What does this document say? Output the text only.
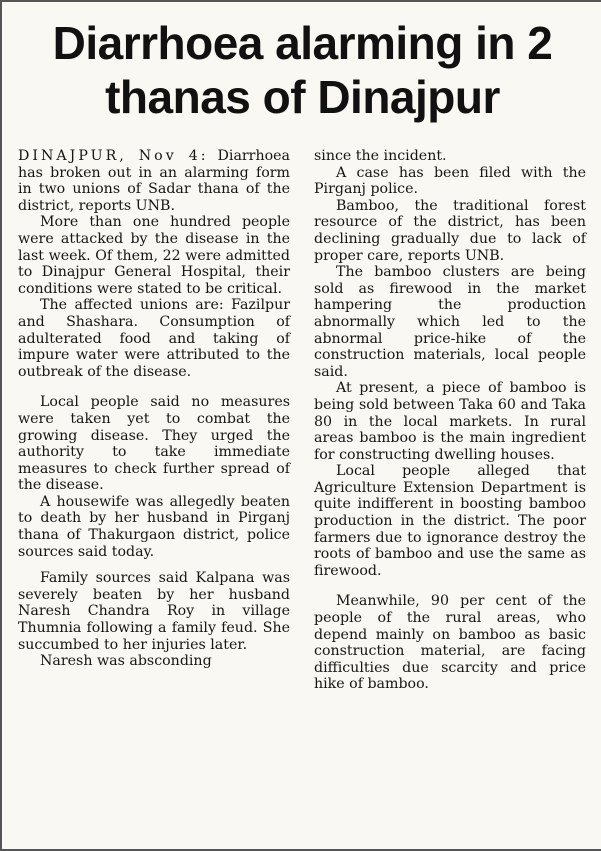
Diarrhoea alarming in 2
thanas of Dinajpur

DINAJPUR, Nov 4: Diarrhoea has broken out in an alarming form in two unions of Sadar thana of the district, reports UNB.

More than one hundred people were attacked by the disease in the last week. Of them, 22 were admitted to Dinajpur General Hospital, their conditions were stated to be critical.

The affected unions are: Fazilpur and Shashara. Consumption of adulterated food and taking of impure water were attributed to the outbreak of the disease.

Local people said no measures were taken yet to combat the growing disease. They urged the authority to take immediate measures to check further spread of the disease.

A housewife was allegedly beaten to death by her husband in Pirganj thana of Thakurgaon district, police sources said today.

Family sources said Kalpana was severely beaten by her husband Naresh Chandra Roy in village Thumnia following a family feud. She succumbed to her injuries later.

Naresh was absconding

since the incident.

A case has been filed with the Pirganj police.

Bamboo, the traditional forest resource of the district, has been declining gradually due to lack of proper care, reports UNB.

The bamboo clusters are being sold as firewood in the market hampering the production abnormally which led to the abnormal price-hike of the construction materials, local people said.

At present, a piece of bamboo is being sold between Taka 60 and Taka 80 in the local markets. In rural areas bamboo is the main ingredient for constructing dwelling houses.

Local people alleged that Agriculture Extension Department is quite indifferent in boosting bamboo production in the district. The poor farmers due to ignorance destroy the roots of bamboo and use the same as firewood.

Meanwhile, 90 per cent of the people of the rural areas, who depend mainly on bamboo as basic construction material, are facing difficulties due scarcity and price hike of bamboo.
